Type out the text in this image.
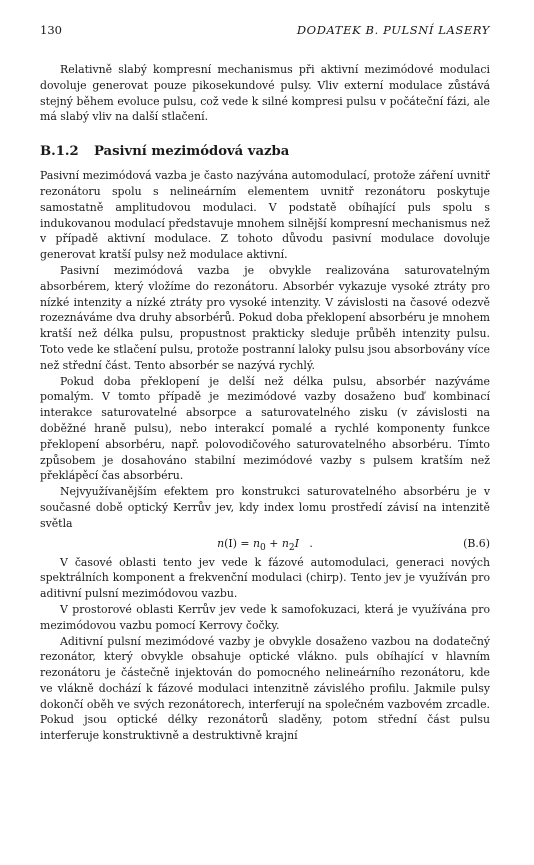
130	DODATEK B. PULSNÍ LASERY

Relativně slabý kompresní mechanismus při aktivní mezimódové modulaci dovoluje generovat pouze pikosekundové pulsy. Vliv externí modulace zůstává stejný během evoluce pulsu, což vede k silné kompresi pulsu v počáteční fázi, ale má slabý vliv na další stlačení.

B.1.2 Pasivní mezimódová vazba

Pasivní mezimódová vazba je často nazývána automodulací, protože záření uvnitř rezonátoru spolu s nelineárním elementem uvnitř rezonátoru poskytuje samostatně amplitudovou modulaci. V podstatě obíhající puls spolu s indukovanou modulací představuje mnohem silnější kompresní mechanismus než v případě aktivní modulace. Z tohoto důvodu pasivní modulace dovoluje generovat kratší pulsy než modulace aktivní.

Pasivní mezimódová vazba je obvykle realizována saturovatelným absorbérem, který vložíme do rezonátoru. Absorbér vykazuje vysoké ztráty pro nízké intenzity a nízké ztráty pro vysoké intenzity. V závislosti na časové odezvě rozeznáváme dva druhy absorbérů. Pokud doba překlopení absorbéru je mnohem kratší než délka pulsu, propustnost prakticky sleduje průběh intenzity pulsu. Toto vede ke stlačení pulsu, protože postranní laloky pulsu jsou absorbovány více než střední část. Tento absorbér se nazývá rychlý.

Pokud doba překlopení je delší než délka pulsu, absorbér nazýváme pomalým. V tomto případě je mezimódové vazby dosaženo buď kombinací interakce saturovatelné absorpce a saturovatelného zisku (v závislosti na doběžné hraně pulsu), nebo interakcí pomalé a rychlé komponenty funkce překlopení absorbéru, např. polovodičového saturovatelného absorbéru. Tímto způsobem je dosahováno stabilní mezimódové vazby s pulsem kratším než překlápěcí čas absorbéru.

Nejvyužívanějším efektem pro konstrukci saturovatelného absorbéru je v současné době optický Kerrův jev, kdy index lomu prostředí závisí na intenzitě světla

$n(I) = n_0 + n_2I$   .	(B.6)

V časové oblasti tento jev vede k fázové automodulaci, generaci nových spektrálních komponent a frekvenční modulaci (chirp). Tento jev je využíván pro aditivní pulsní mezimódovou vazbu.

V prostorové oblasti Kerrův jev vede k samofokuzaci, která je využívána pro mezimódovou vazbu pomocí Kerrovy čočky.

Aditivní pulsní mezimódové vazby je obvykle dosaženo vazbou na dodatečný rezonátor, který obvykle obsahuje optické vlákno. puls obíhající v hlavním rezonátoru je částečně injektován do pomocného nelineárního rezonátoru, kde ve vlákně dochází k fázové modulaci intenzitně závislého profilu. Jakmile pulsy dokončí oběh ve svých rezonátorech, interferují na společném vazbovém zrcadle. Pokud jsou optické délky rezonátorů sladěny, potom střední část pulsu interferuje konstruktivně a destruktivně krajní
